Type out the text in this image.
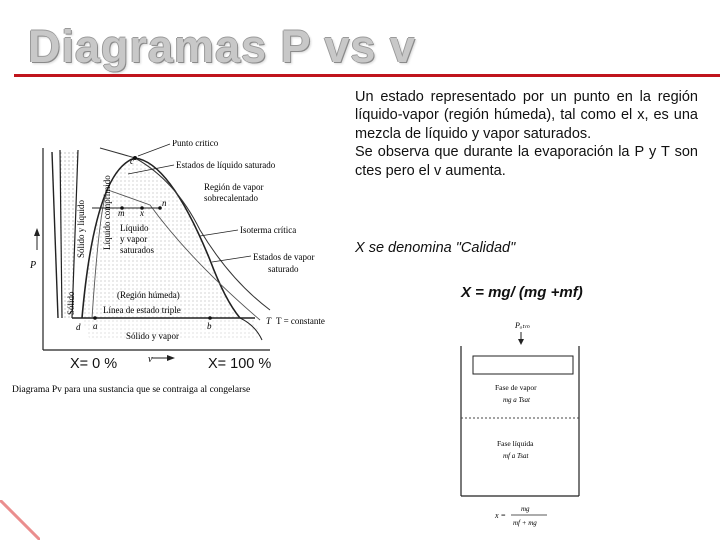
Diagramas P vs v

Un estado representado por un punto en la región líquido-vapor (región húmeda), tal como el x, es una mezcla de líquido y vapor saturados.
Se observa que durante la evaporación la P y T son ctes pero el v aumenta.

X se denomina "Calidad"

X = mg/ (mg +mf)

P
v
c
m x
n
a	b
d
T
Punto crítico
Estados de líquido saturado
Región de vapor
sobrecalentado
Isoterma crítica
Líquido
y vapor
saturados
Estados de vapor
saturado
(Región húmeda)
Línea de estado triple
Sólido y vapor
T = constante
Sólido
Sólido y líquido Líquido comprimido
Diagrama Pv para una sustancia que se contraiga al congelarse
X= 0 %	X= 100 %
Pₐₜₘ
Fase de vapor
mg a Tsat
Fase líquida
mf a Tsat
x =
mg
mf + mg
